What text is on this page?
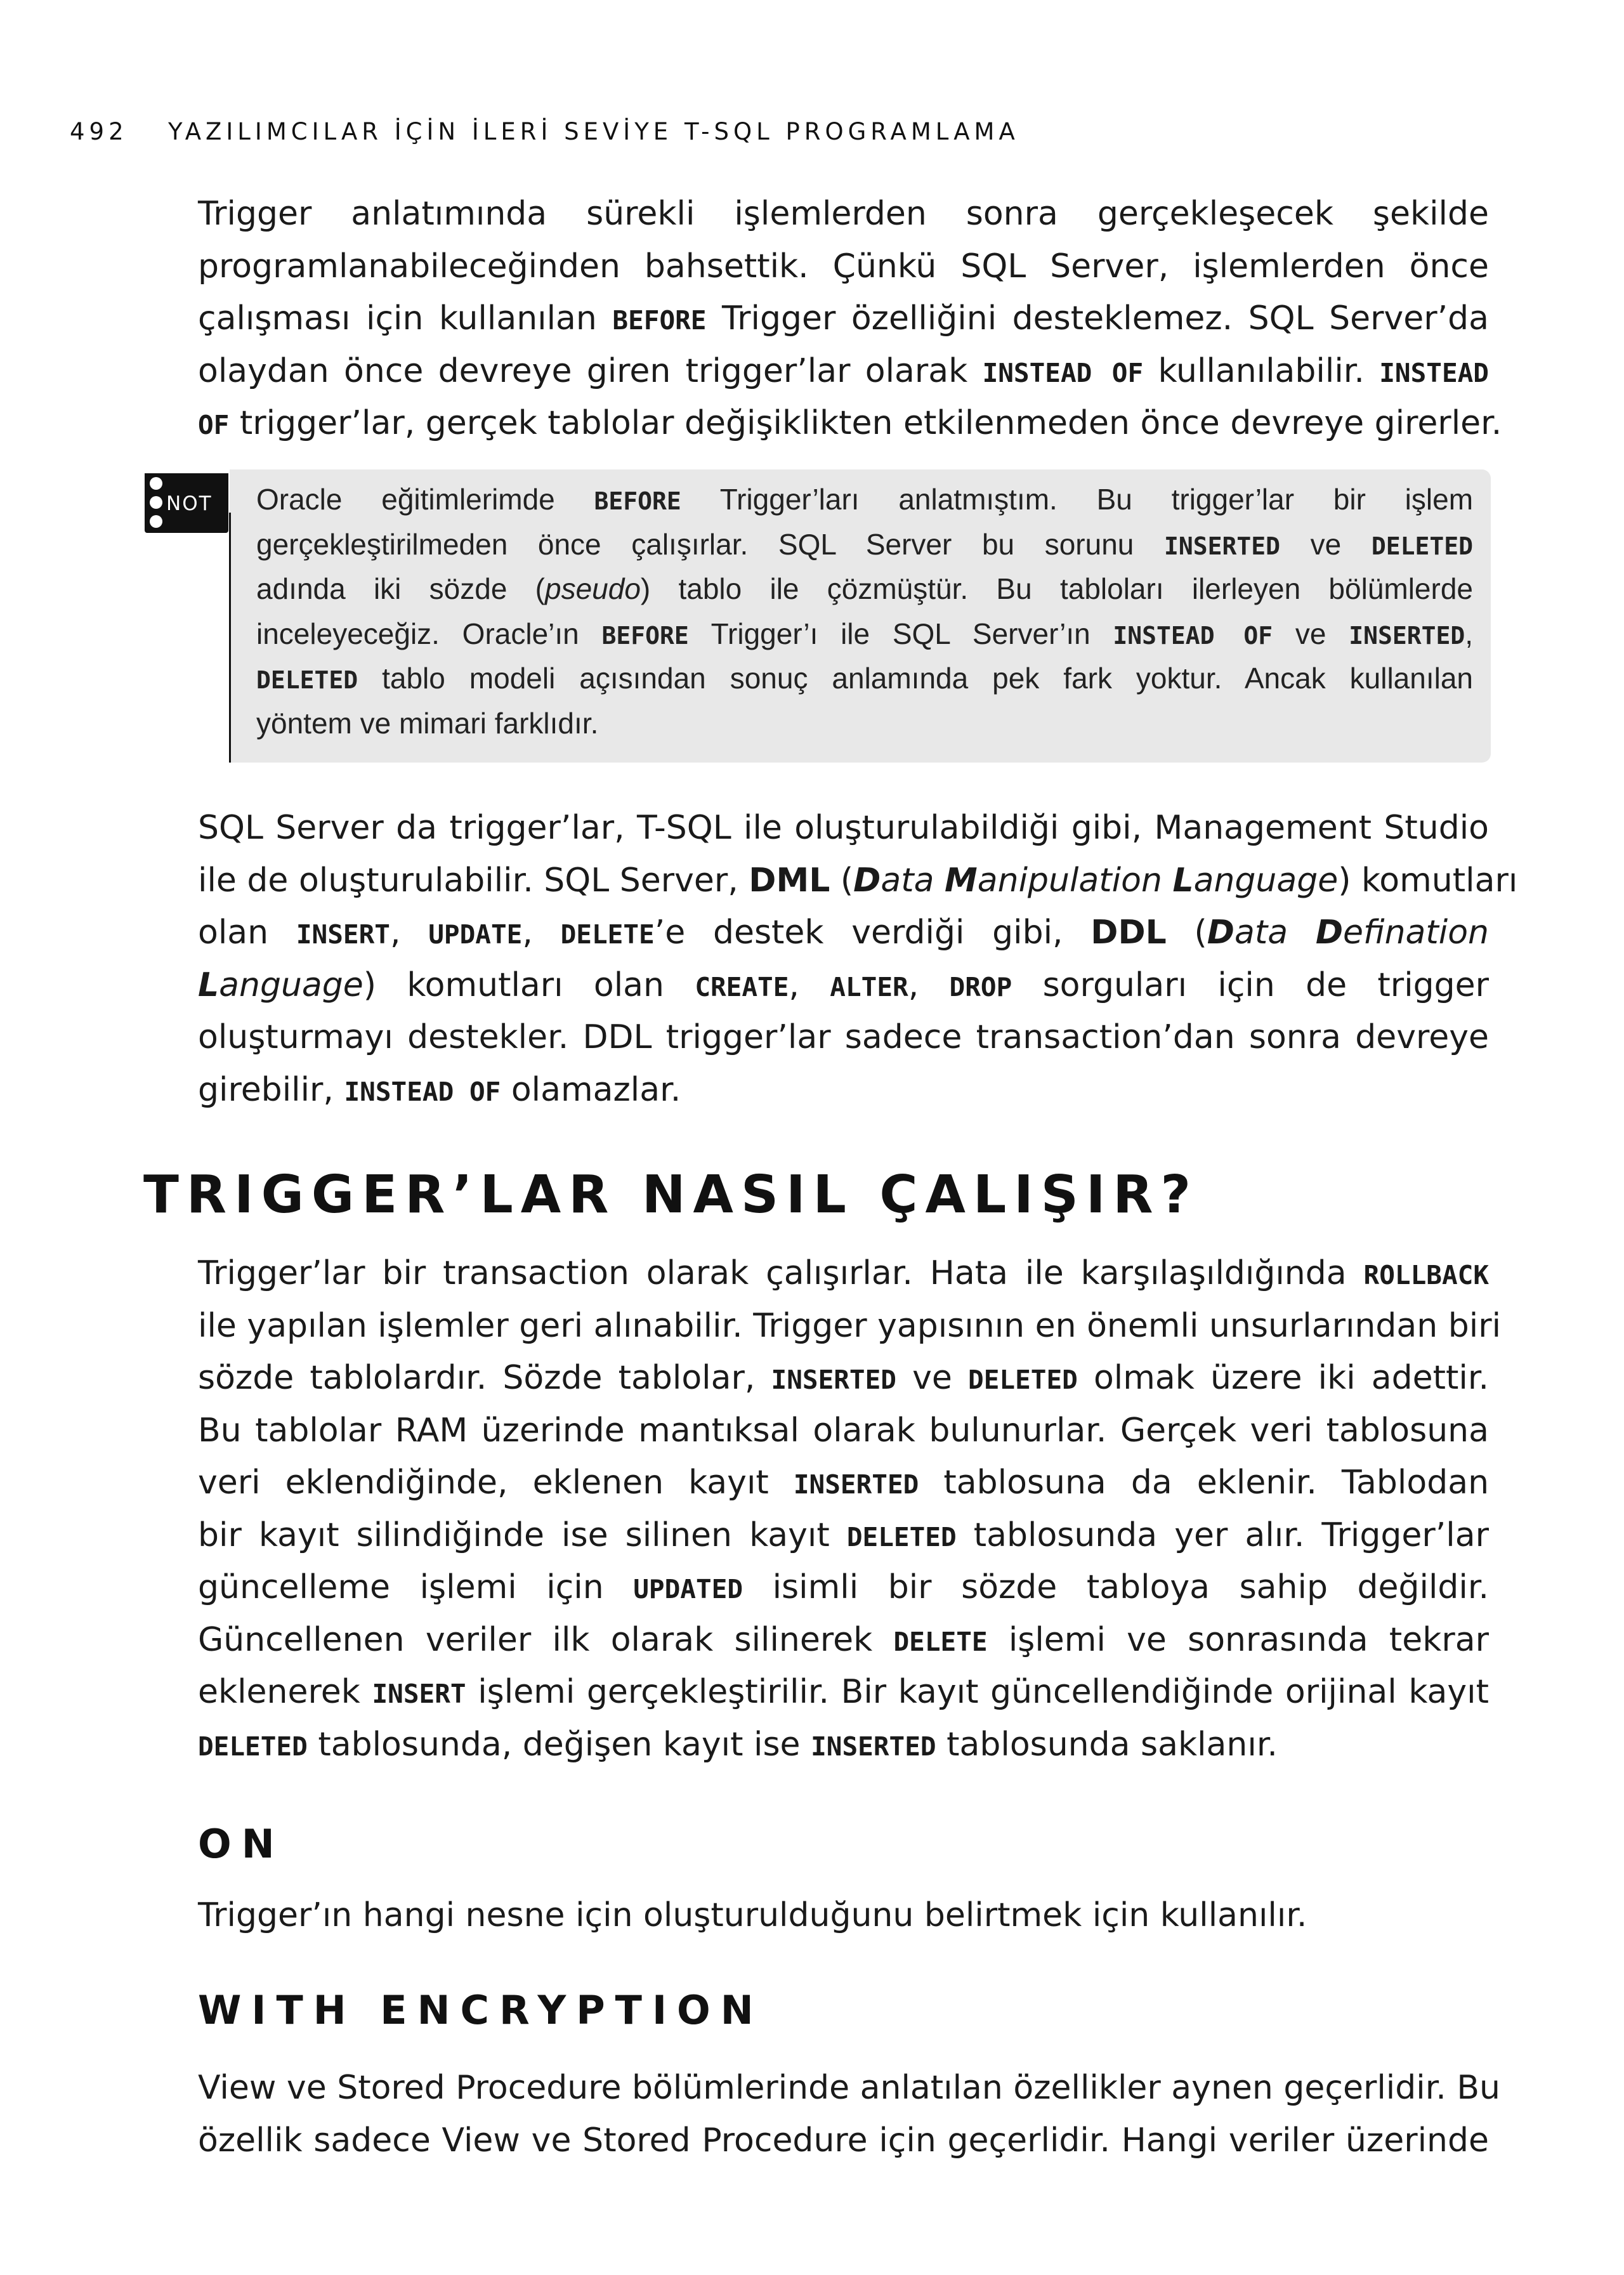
492 YAZILIMCILAR İÇİN İLERİ SEVİYE T-SQL PROGRAMLAMA
Trigger anlatımında sürekli işlemlerden sonra gerçekleşecek şekilde
programlanabileceğinden bahsettik. Çünkü SQL Server, işlemlerden önce
çalışması için kullanılan BEFORE Trigger özelliğini desteklemez. SQL Server’da
olaydan önce devreye giren trigger’lar olarak INSTEAD OF kullanılabilir. INSTEAD
OF trigger’lar, gerçek tablolar değişiklikten etkilenmeden önce devreye girerler.
NOT Oracle eğitimlerimde BEFORE Trigger’ları anlatmıştım. Bu trigger’lar bir işlem
gerçekleştirilmeden önce çalışırlar. SQL Server bu sorunu INSERTED ve DELETED
adında iki sözde (pseudo) tablo ile çözmüştür. Bu tabloları ilerleyen bölümlerde
inceleyeceğiz. Oracle’ın BEFORE Trigger’ı ile SQL Server’ın INSTEAD OF ve INSERTED,
DELETED tablo modeli açısından sonuç anlamında pek fark yoktur. Ancak kullanılan
yöntem ve mimari farklıdır.
SQL Server da trigger’lar, T-SQL ile oluşturulabildiği gibi, Management Studio
ile de oluşturulabilir. SQL Server, DML (Data Manipulation Language) komutları
olan INSERT, UPDATE, DELETE’e destek verdiği gibi, DDL (Data Defination
Language) komutları olan CREATE, ALTER, DROP sorguları için de trigger
oluşturmayı destekler. DDL trigger’lar sadece transaction’dan sonra devreye
girebilir, INSTEAD OF olamazlar.
TRIGGER’LAR NASIL ÇALIŞIR?
Trigger’lar bir transaction olarak çalışırlar. Hata ile karşılaşıldığında ROLLBACK
ile yapılan işlemler geri alınabilir. Trigger yapısının en önemli unsurlarından biri
sözde tablolardır. Sözde tablolar, INSERTED ve DELETED olmak üzere iki adettir.
Bu tablolar RAM üzerinde mantıksal olarak bulunurlar. Gerçek veri tablosuna
veri eklendiğinde, eklenen kayıt INSERTED tablosuna da eklenir. Tablodan
bir kayıt silindiğinde ise silinen kayıt DELETED tablosunda yer alır. Trigger’lar
güncelleme işlemi için UPDATED isimli bir sözde tabloya sahip değildir.
Güncellenen veriler ilk olarak silinerek DELETE işlemi ve sonrasında tekrar
eklenerek INSERT işlemi gerçekleştirilir. Bir kayıt güncellendiğinde orijinal kayıt
DELETED tablosunda, değişen kayıt ise INSERTED tablosunda saklanır.
ON
Trigger’ın hangi nesne için oluşturulduğunu belirtmek için kullanılır.
WITH ENCRYPTION
View ve Stored Procedure bölümlerinde anlatılan özellikler aynen geçerlidir. Bu
özellik sadece View ve Stored Procedure için geçerlidir. Hangi veriler üzerinde
